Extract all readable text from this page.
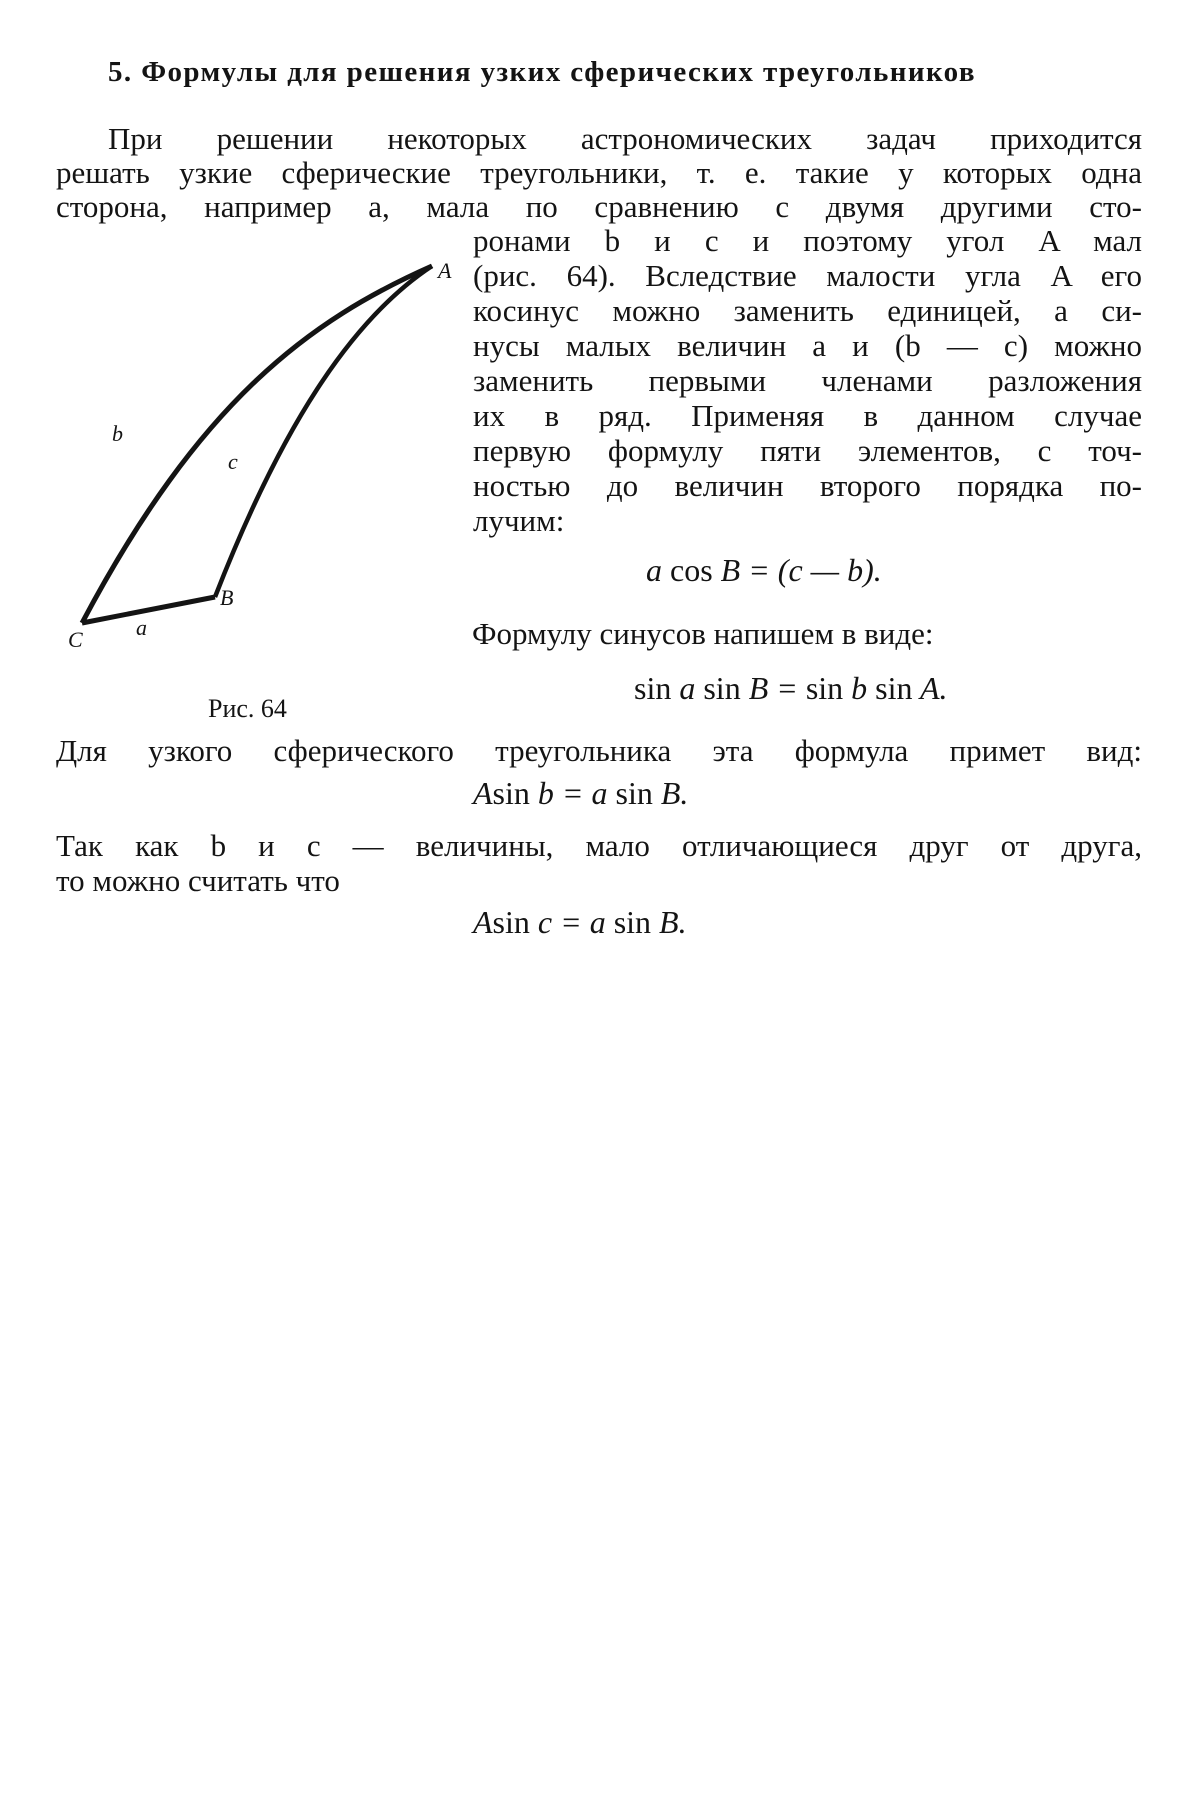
5. Формулы для решения узких сферических треугольников
При решении некоторых астрономических задач приходится
решать узкие сферические треугольники, т. е. такие у которых одна
сторона, например a, мала по сравнению с двумя другими сто-
ронами b и c и поэтому угол A мал
(рис. 64). Вследствие малости угла A его
косинус можно заменить единицей, а си-
нусы малых величин a и (b — c) можно
заменить первыми членами разложения
их в ряд. Применяя в данном случае
первую формулу пяти элементов, с точ-
ностью до величин второго порядка по-
лучим:
a cos B = (c — b).
Формулу синусов напишем в виде:
sin a sin B = sin b sin A.
A
B
C
b
c
a
Рис. 64
Для узкого сферического треугольника эта формула примет вид:
Asin b = a sin B.
Так как b и c — величины, мало отличающиеся друг от друга,
то можно считать что
Asin c = a sin B.
